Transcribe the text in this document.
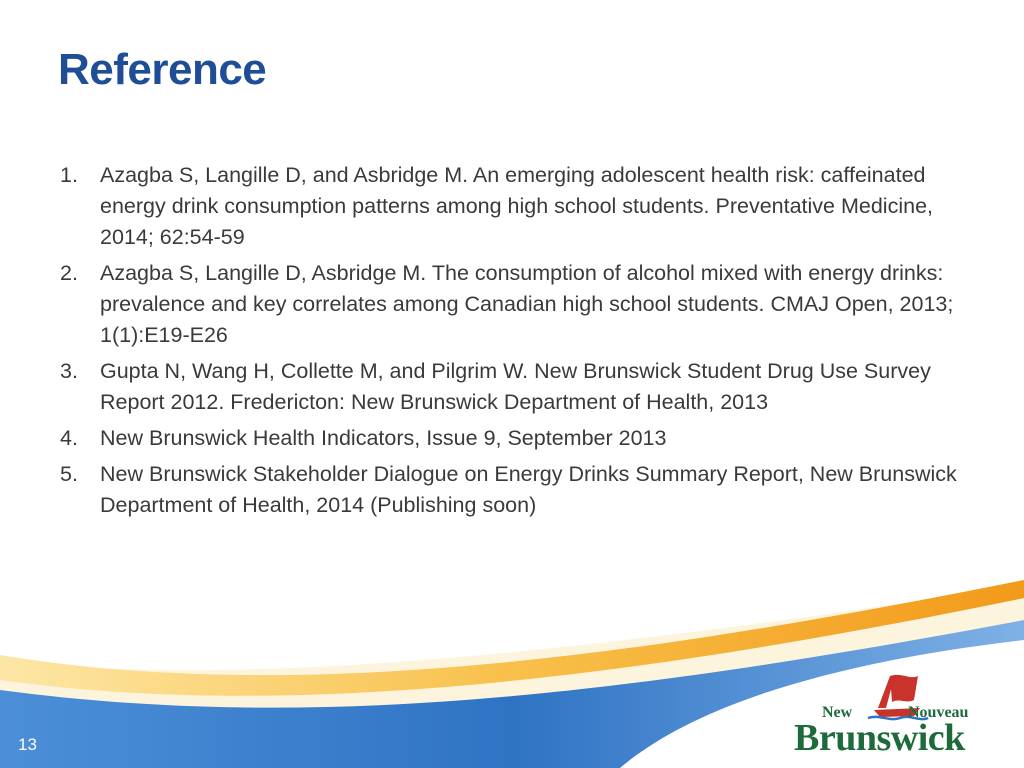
Reference
1.	Azagba S, Langille D, and Asbridge M. An emerging adolescent health risk: caffeinated energy drink consumption patterns among high school students. Preventative Medicine, 2014; 62:54-59
2.	Azagba S, Langille D, Asbridge M. The consumption of alcohol mixed with energy drinks: prevalence and key correlates among Canadian high school students. CMAJ Open, 2013; 1(1):E19-E26
3.	Gupta N, Wang H, Collette M, and Pilgrim W. New Brunswick Student Drug Use Survey Report 2012. Fredericton: New Brunswick Department of Health, 2013
4.	New Brunswick Health Indicators, Issue 9, September 2013
5.	New Brunswick Stakeholder Dialogue on Energy Drinks Summary Report, New Brunswick Department of Health, 2014 (Publishing soon)
13
New	Nouveau
Brunswick
